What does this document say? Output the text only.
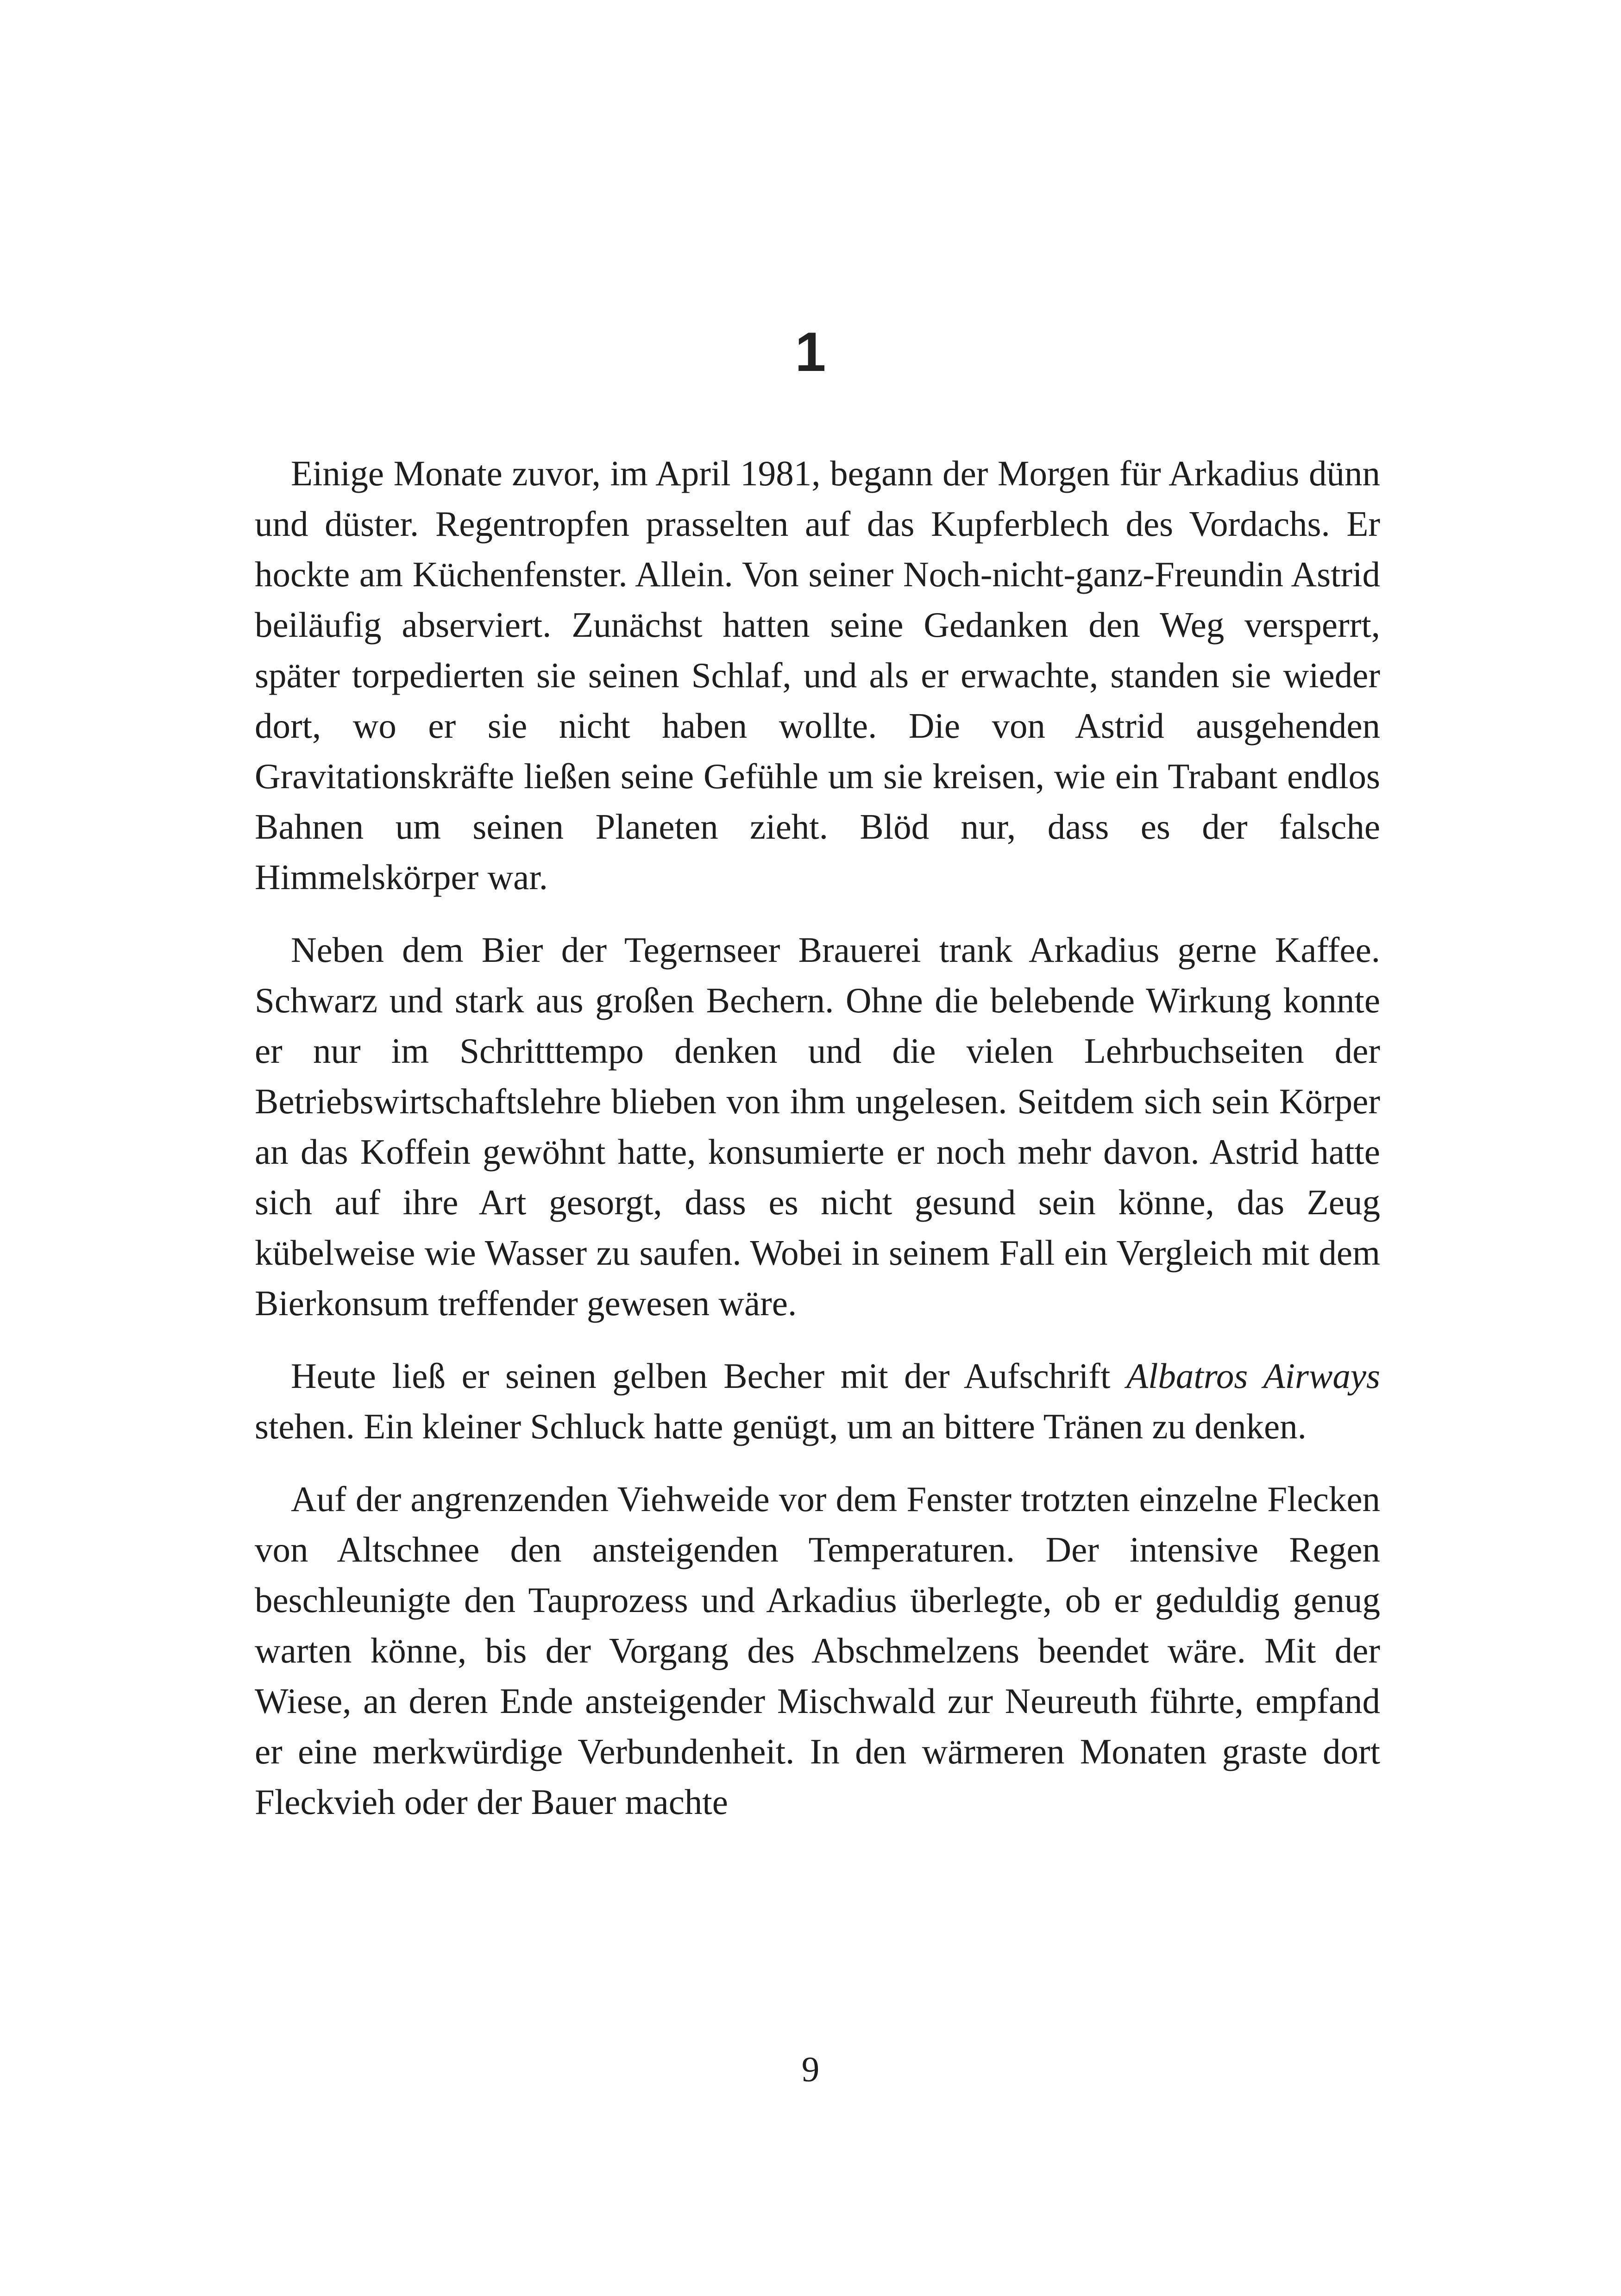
1

Einige Monate zuvor, im April 1981, begann der Morgen für Arkadius dünn und düster. Regentropfen prasselten auf das Kupferblech des Vordachs. Er hockte am Küchenfenster. Allein. Von seiner Noch-nicht-ganz-Freundin Astrid beiläufig abserviert. Zunächst hatten seine Gedanken den Weg versperrt, später torpedierten sie seinen Schlaf, und als er erwachte, standen sie wieder dort, wo er sie nicht haben wollte. Die von Astrid ausgehenden Gravitationskräfte ließen seine Gefühle um sie kreisen, wie ein Trabant endlos Bahnen um seinen Planeten zieht. Blöd nur, dass es der falsche Himmelskörper war.

Neben dem Bier der Tegernseer Brauerei trank Arkadius gerne Kaffee. Schwarz und stark aus großen Bechern. Ohne die belebende Wirkung konnte er nur im Schritttempo denken und die vielen Lehrbuchseiten der Betriebswirtschaftslehre blieben von ihm ungelesen. Seitdem sich sein Körper an das Koffein gewöhnt hatte, konsumierte er noch mehr davon. Astrid hatte sich auf ihre Art gesorgt, dass es nicht gesund sein könne, das Zeug kübelweise wie Wasser zu saufen. Wobei in seinem Fall ein Vergleich mit dem Bierkonsum treffender gewesen wäre.

Heute ließ er seinen gelben Becher mit der Aufschrift Albatros Airways stehen. Ein kleiner Schluck hatte genügt, um an bittere Tränen zu denken.

Auf der angrenzenden Viehweide vor dem Fenster trotzten einzelne Flecken von Altschnee den ansteigenden Temperaturen. Der intensive Regen beschleunigte den Tauprozess und Arkadius überlegte, ob er geduldig genug warten könne, bis der Vorgang des Abschmelzens beendet wäre. Mit der Wiese, an deren Ende ansteigender Mischwald zur Neureuth führte, empfand er eine merkwürdige Verbundenheit. In den wärmeren Monaten graste dort Fleckvieh oder der Bauer machte

9
